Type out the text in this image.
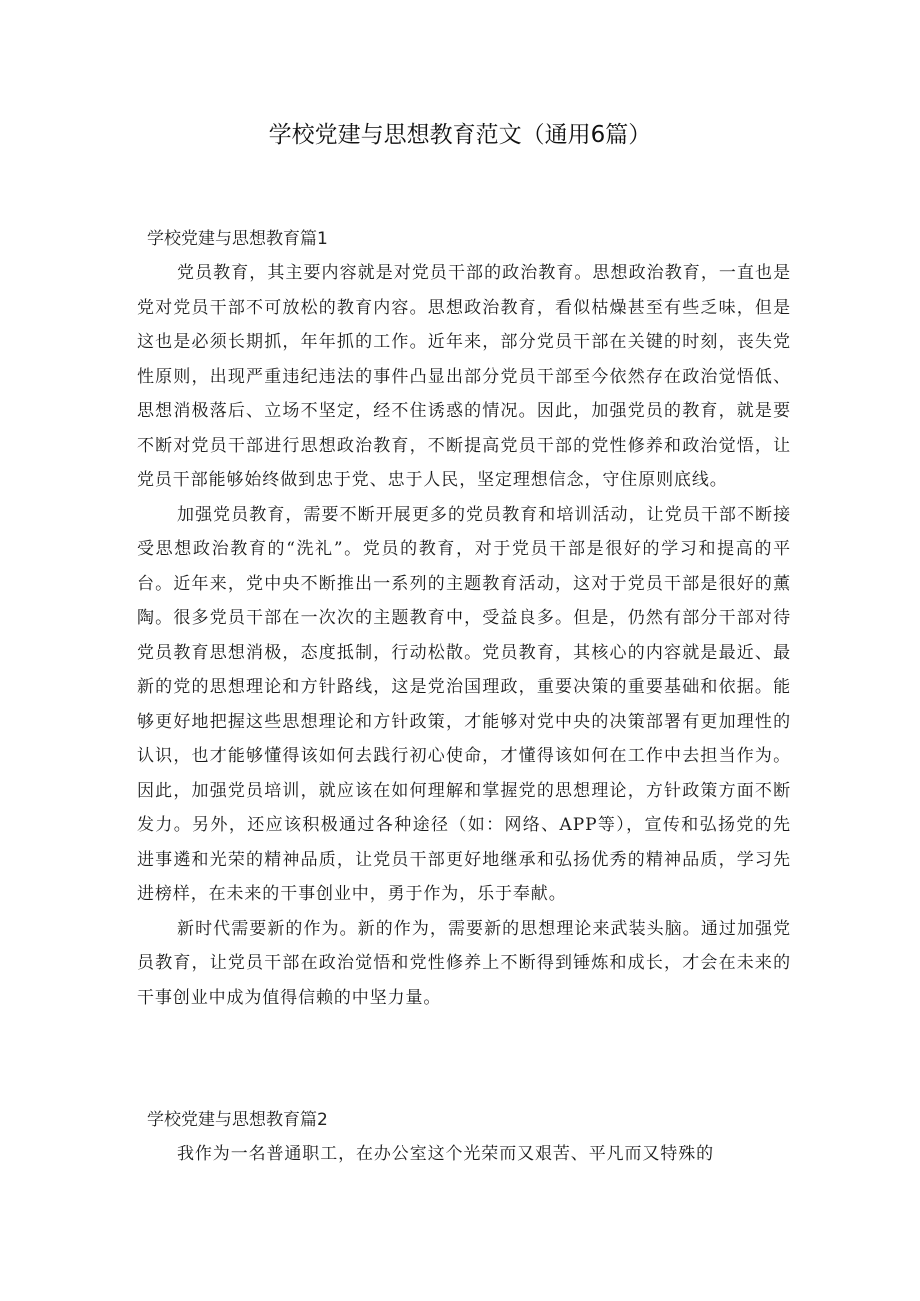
学校党建与思想教育范文（通用6篇）
学校党建与思想教育篇1

党员教育，其主要内容就是对党员干部的政治教育。思想政治教育，一直也是党对党员干部不可放松的教育内容。思想政治教育，看似枯燥甚至有些乏味，但是这也是必须长期抓，年年抓的工作。近年来，部分党员干部在关键的时刻，丧失党性原则，出现严重违纪违法的事件凸显出部分党员干部至今依然存在政治觉悟低、思想消极落后、立场不坚定，经不住诱惑的情况。因此，加强党员的教育，就是要不断对党员干部进行思想政治教育，不断提高党员干部的党性修养和政治觉悟，让党员干部能够始终做到忠于党、忠于人民，坚定理想信念，守住原则底线。

加强党员教育，需要不断开展更多的党员教育和培训活动，让党员干部不断接受思想政治教育的“洗礼”。党员的教育，对于党员干部是很好的学习和提高的平台。近年来，党中央不断推出一系列的主题教育活动，这对于党员干部是很好的薰陶。很多党员干部在一次次的主题教育中，受益良多。但是，仍然有部分干部对待党员教育思想消极，态度抵制，行动松散。党员教育，其核心的内容就是最近、最新的党的思想理论和方针路线，这是党治国理政，重要决策的重要基础和依据。能够更好地把握这些思想理论和方针政策，才能够对党中央的决策部署有更加理性的认识，也才能够懂得该如何去践行初心使命，才懂得该如何在工作中去担当作为。因此，加强党员培训，就应该在如何理解和掌握党的思想理论，方针政策方面不断发力。另外，还应该积极通过各种途径（如：网络、APP等），宣传和弘扬党的先进事遴和光荣的精神品质，让党员干部更好地继承和弘扬优秀的精神品质，学习先进榜样，在未来的干事创业中，勇于作为，乐于奉献。

新时代需要新的作为。新的作为，需要新的思想理论来武装头脑。通过加强党员教育，让党员干部在政治觉悟和党性修养上不断得到锤炼和成长，才会在未来的干事创业中成为值得信赖的中坚力量。

学校党建与思想教育篇2

我作为一名普通职工，在办公室这个光荣而又艰苦、平凡而又特殊的
